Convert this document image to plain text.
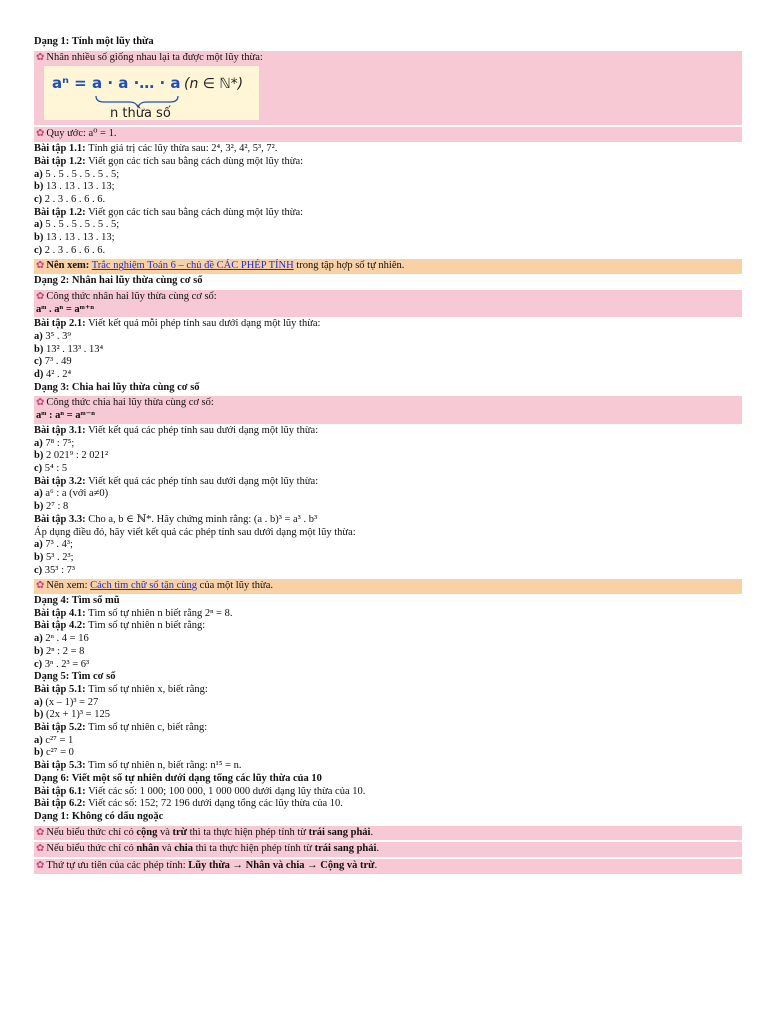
Dạng 1: Tính một lũy thừa
✿ Nhân nhiều số giống nhau lại ta được một lũy thừa:
aⁿ = a · a ·… · a (n ∈ ℕ*)
n thừa số
✿ Quy ước: a⁰ = 1.
Bài tập 1.1: Tính giá trị các lũy thừa sau: 2⁴, 3², 4², 5³, 7².
Bài tập 1.2: Viết gọn các tích sau bằng cách dùng một lũy thừa:
a) 5 . 5 . 5 . 5 . 5 . 5;
b) 13 . 13 . 13 . 13;
c) 2 . 3 . 6 . 6 . 6.
Bài tập 1.2: Viết gọn các tích sau bằng cách dùng một lũy thừa:
a) 5 . 5 . 5 . 5 . 5 . 5;
b) 13 . 13 . 13 . 13;
c) 2 . 3 . 6 . 6 . 6.
✿ Nên xem: Trắc nghiệm Toán 6 – chủ đề CÁC PHÉP TÍNH trong tập hợp số tự nhiên.
Dạng 2: Nhân hai lũy thừa cùng cơ số
✿ Công thức nhân hai lũy thừa cùng cơ số:
aᵐ . aⁿ = aᵐ⁺ⁿ
Bài tập 2.1: Viết kết quả mỗi phép tính sau dưới dạng một lũy thừa:
a) 3⁵ . 3⁹
b) 13² . 13³ . 13⁴
c) 7³ . 49
d) 4² . 2⁴
Dạng 3: Chia hai lũy thừa cùng cơ số
✿ Công thức chia hai lũy thừa cùng cơ số:
aᵐ : aⁿ = aᵐ⁻ⁿ
Bài tập 3.1: Viết kết quả các phép tính sau dưới dạng một lũy thừa:
a) 7⁸ : 7⁵;
b) 2 021⁹ : 2 021²
c) 5⁴ : 5
Bài tập 3.2: Viết kết quả các phép tính sau dưới dạng một lũy thừa:
a) a⁶ : a (với a≠0)
b) 2⁷ : 8
Bài tập 3.3: Cho a, b ∈ ℕ*. Hãy chứng minh rằng: (a . b)³ = a³ . b³
Áp dụng điều đó, hãy viết kết quả các phép tính sau dưới dạng một lũy thừa:
a) 7³ . 4³;
b) 5³ . 2³;
c) 35³ : 7³
✿ Nên xem: Cách tìm chữ số tận cùng của một lũy thừa.
Dạng 4: Tìm số mũ
Bài tập 4.1: Tìm số tự nhiên n biết rằng 2ⁿ = 8.
Bài tập 4.2: Tìm số tự nhiên n biết rằng:
a) 2ⁿ . 4 = 16
b) 2ⁿ : 2 = 8
c) 3ⁿ . 2³ = 6³
Dạng 5: Tìm cơ số
Bài tập 5.1: Tìm số tự nhiên x, biết rằng:
a) (x – 1)³ = 27
b) (2x + 1)³ = 125
Bài tập 5.2: Tìm số tự nhiên c, biết rằng:
a) c²⁷ = 1
b) c²⁷ = 0
Bài tập 5.3: Tìm số tự nhiên n, biết rằng: n¹⁵ = n.
Dạng 6: Viết một số tự nhiên dưới dạng tổng các lũy thừa của 10
Bài tập 6.1: Viết các số: 1 000; 100 000, 1 000 000 dưới dạng lũy thừa của 10.
Bài tập 6.2: Viết các số: 152; 72 196 dưới dạng tổng các lũy thừa của 10.
Dạng 1: Không có dấu ngoặc
✿ Nếu biểu thức chỉ có cộng và trừ thì ta thực hiện phép tính từ trái sang phải.
✿ Nếu biểu thức chỉ có nhân và chia thì ta thực hiện phép tính từ trái sang phải.
✿ Thứ tự ưu tiên của các phép tính: Lũy thừa → Nhân và chia → Cộng và trừ.
